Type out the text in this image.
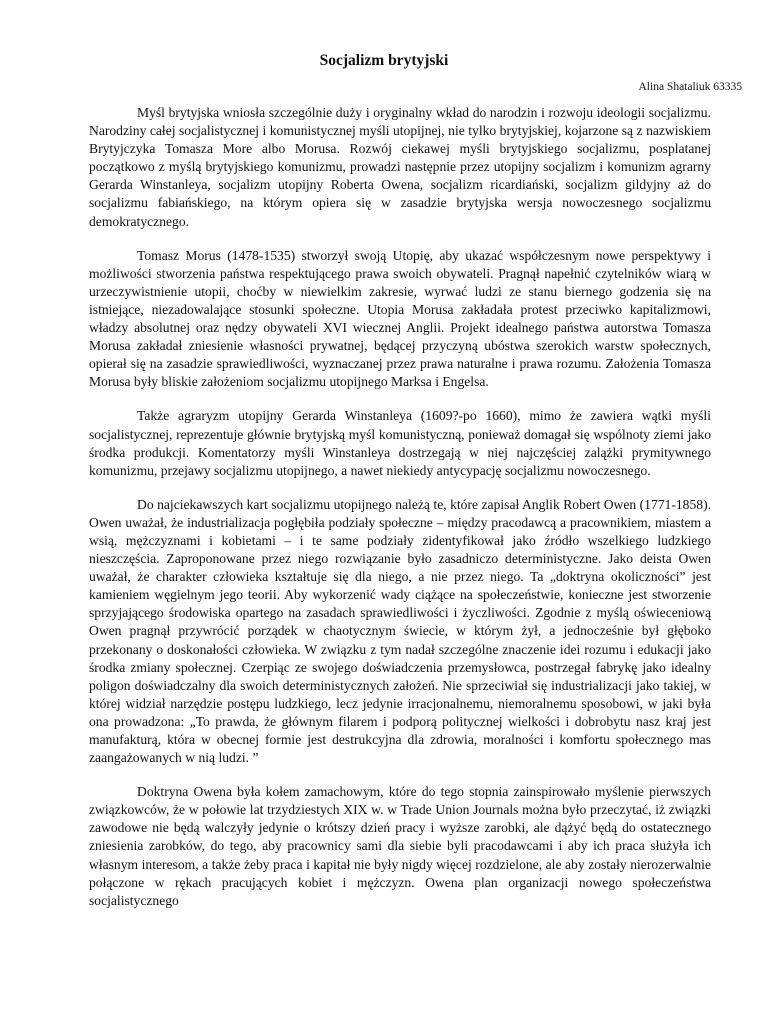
Socjalizm brytyjski
Alina Shataliuk 63335

Myśl brytyjska wniosła szczególnie duży i oryginalny wkład do narodzin i rozwoju ideologii socjalizmu. Narodziny całej socjalistycznej i komunistycznej myśli utopijnej, nie tylko brytyjskiej, kojarzone są z nazwiskiem Brytyjczyka Tomasza More albo Morusa. Rozwój ciekawej myśli brytyjskiego socjalizmu, posplatanej początkowo z myślą brytyjskiego komunizmu, prowadzi następnie przez utopijny socjalizm i komunizm agrarny Gerarda Winstanleya, socjalizm utopijny Roberta Owena, socjalizm ricardiański, socjalizm gildyjny aż do socjalizmu fabiańskiego, na którym opiera się w zasadzie brytyjska wersja nowoczesnego socjalizmu demokratycznego.

Tomasz Morus (1478-1535) stworzył swoją Utopię, aby ukazać współczesnym nowe perspektywy i możliwości stworzenia państwa respektującego prawa swoich obywateli. Pragnął napełnić czytelników wiarą w urzeczywistnienie utopii, choćby w niewielkim zakresie, wyrwać ludzi ze stanu biernego godzenia się na istniejące, niezadowalające stosunki społeczne. Utopia Morusa zakładała protest przeciwko kapitalizmowi, władzy absolutnej oraz nędzy obywateli XVI wiecznej Anglii. Projekt idealnego państwa autorstwa Tomasza Morusa zakładał zniesienie własności prywatnej, będącej przyczyną ubóstwa szerokich warstw społecznych, opierał się na zasadzie sprawiedliwości, wyznaczanej przez prawa naturalne i prawa rozumu. Założenia Tomasza Morusa były bliskie założeniom socjalizmu utopijnego Marksa i Engelsa.

Także agraryzm utopijny Gerarda Winstanleya (1609?-po 1660), mimo że zawiera wątki myśli socjalistycznej, reprezentuje głównie brytyjską myśl komunistyczną, ponieważ domagał się wspólnoty ziemi jako środka produkcji. Komentatorzy myśli Winstanleya dostrzegają w niej najczęściej zalążki prymitywnego komunizmu, przejawy socjalizmu utopijnego, a nawet niekiedy antycypację socjalizmu nowoczesnego.

Do najciekawszych kart socjalizmu utopijnego należą te, które zapisał Anglik Robert Owen (1771-1858). Owen uważał, że industrializacja pogłębiła podziały społeczne – między pracodawcą a pracownikiem, miastem a wsią, mężczyznami i kobietami – i te same podziały zidentyfikował jako źródło wszelkiego ludzkiego nieszczęścia. Zaproponowane przez niego rozwiązanie było zasadniczo deterministyczne. Jako deista Owen uważał, że charakter człowieka kształtuje się dla niego, a nie przez niego. Ta „doktryna okoliczności” jest kamieniem węgielnym jego teorii. Aby wykorzenić wady ciążące na społeczeństwie, konieczne jest stworzenie sprzyjającego środowiska opartego na zasadach sprawiedliwości i życzliwości. Zgodnie z myślą oświeceniową Owen pragnął przywrócić porządek w chaotycznym świecie, w którym żył, a jednocześnie był głęboko przekonany o doskonałości człowieka. W związku z tym nadał szczególne znaczenie idei rozumu i edukacji jako środka zmiany społecznej. Czerpiąc ze swojego doświadczenia przemysłowca, postrzegał fabrykę jako idealny poligon doświadczalny dla swoich deterministycznych założeń. Nie sprzeciwiał się industrializacji jako takiej, w której widział narzędzie postępu ludzkiego, lecz jedynie irracjonalnemu, niemoralnemu sposobowi, w jaki była ona prowadzona: „To prawda, że głównym filarem i podporą politycznej wielkości i dobrobytu nasz kraj jest manufakturą, która w obecnej formie jest destrukcyjna dla zdrowia, moralności i komfortu społecznego mas zaangażowanych w nią ludzi. ”

Doktryna Owena była kołem zamachowym, które do tego stopnia zainspirowało myślenie pierwszych związkowców, że w połowie lat trzydziestych XIX w. w Trade Union Journals można było przeczytać, iż związki zawodowe nie będą walczyły jedynie o krótszy dzień pracy i wyższe zarobki, ale dążyć będą do ostatecznego zniesienia zarobków, do tego, aby pracownicy sami dla siebie byli pracodawcami i aby ich praca służyła ich własnym interesom, a także żeby praca i kapitał nie były nigdy więcej rozdzielone, ale aby zostały nierozerwalnie połączone w rękach pracujących kobiet i mężczyzn. Owena plan organizacji nowego społeczeństwa socjalistycznego
